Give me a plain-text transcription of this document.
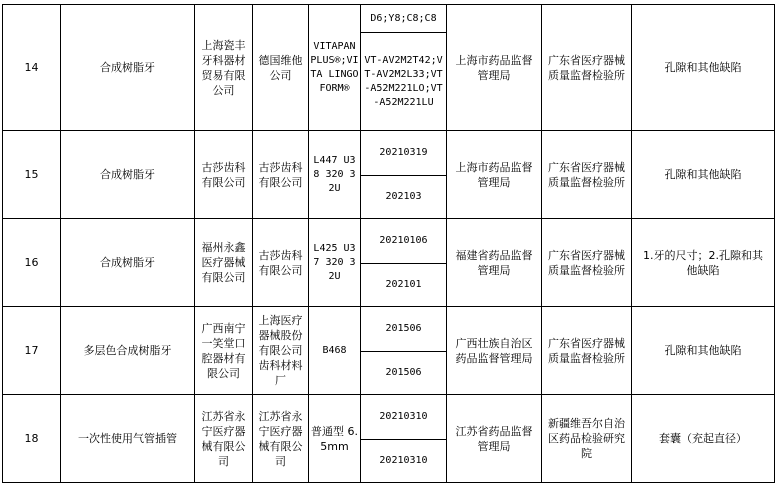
14	合成树脂牙	上海瓷丰牙科器材贸易有限公司	德国维他公司	VITAPAN PLUS®;VITA LINGOFORM®	D6;Y8;C8;C8	上海市药品监督管理局	广东省医疗器械质量监督检验所	孔隙和其他缺陷

					VT-AV2M2T42;VT-AV2M2L33;VT-A52M221LO;VT-A52M221LU			

15	合成树脂牙	古莎齿科有限公司	古莎齿科有限公司	L447 U38 320 32U	20210319	上海市药品监督管理局	广东省医疗器械质量监督检验所	孔隙和其他缺陷
					202103			
16	合成树脂牙	福州永鑫医疗器械有限公司	古莎齿科有限公司	L425 U37 320 32U	20210106	福建省药品监督管理局	广东省医疗器械质量监督检验所	1.牙的尺寸；2.孔隙和其他缺陷

					202101			
17	多层色合成树脂牙	广西南宁一笑堂口腔器材有限公司	上海医疗器械股份有限公司齿科材料厂	B468	201506	广西壮族自治区药品监督管理局	广东省医疗器械质量监督检验所	孔隙和其他缺陷
					201506			
18	一次性使用气管插管	江苏省永宁医疗器械有限公司	江苏省永宁医疗器械有限公司	普通型 6.5mm	20210310	江苏省药品监督管理局	新疆维吾尔自治区药品检验研究院	套囊（充起直径）
					20210310			
